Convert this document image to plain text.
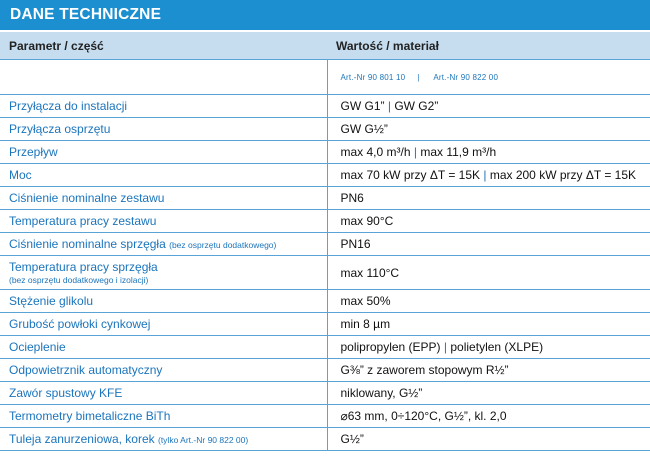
DANE TECHNICZNE
Parametr / część	Wartość / materiał
	Art.-Nr 90 801 10 | Art.-Nr 90 822 00
Przyłącza do instalacji	GW G1” | GW G2”
Przyłącza osprzętu	GW G½”
Przepływ	max 4,0 m³/h | max 11,9 m³/h
Moc	max 70 kW przy ΔT = 15K | max 200 kW przy ΔT = 15K
Ciśnienie nominalne zestawu	PN6
Temperatura pracy zestawu	max 90°C
Ciśnienie nominalne sprzęgła (bez osprzętu dodatkowego)	PN16
Temperatura pracy sprzęgła
(bez osprzętu dodatkowego i izolacji)	max 110°C
Stężenie glikolu	max 50%
Grubość powłoki cynkowej	min 8 µm
Ocieplenie	polipropylen (EPP) | polietylen (XLPE)
Odpowietrznik automatyczny	G⅜” z zaworem stopowym R½”
Zawór spustowy KFE	niklowany, G½”
Termometry bimetaliczne BiTh	⌀63 mm, 0÷120°C, G½”, kl. 2,0
Tuleja zanurzeniowa, korek (tylko Art.-Nr 90 822 00)	G½”
